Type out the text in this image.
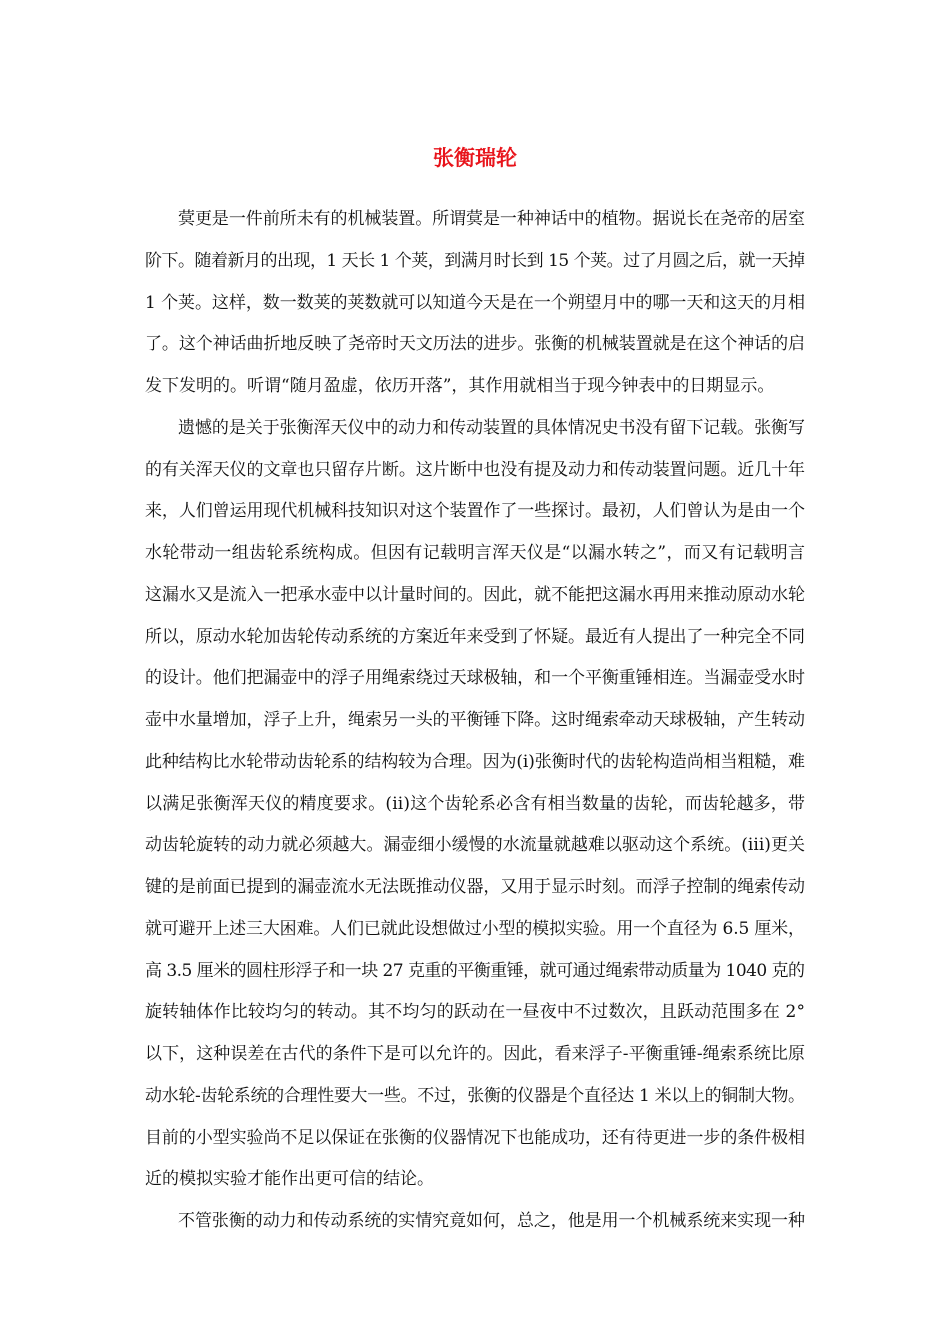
张衡瑞轮
蓂更是一件前所未有的机械装置。所谓蓂是一种神话中的植物。据说长在尧帝的居室
阶下。随着新月的出现，1 天长 1 个荚，到满月时长到 15 个荚。过了月圆之后，就一天掉
1 个荚。这样，数一数荚的荚数就可以知道今天是在一个朔望月中的哪一天和这天的月相
了。这个神话曲折地反映了尧帝时天文历法的进步。张衡的机械装置就是在这个神话的启
发下发明的。听谓“随月盈虚，依历开落”，其作用就相当于现今钟表中的日期显示。
遗憾的是关于张衡浑天仪中的动力和传动装置的具体情况史书没有留下记载。张衡写
的有关浑天仪的文章也只留存片断。这片断中也没有提及动力和传动装置问题。近几十年
来，人们曾运用现代机械科技知识对这个装置作了一些探讨。最初，人们曾认为是由一个
水轮带动一组齿轮系统构成。但因有记载明言浑天仪是“以漏水转之”，而又有记载明言
这漏水又是流入一把承水壶中以计量时间的。因此，就不能把这漏水再用来推动原动水轮
所以，原动水轮加齿轮传动系统的方案近年来受到了怀疑。最近有人提出了一种完全不同
的设计。他们把漏壶中的浮子用绳索绕过天球极轴，和一个平衡重锤相连。当漏壶受水时
壶中水量增加，浮子上升，绳索另一头的平衡锤下降。这时绳索牵动天球极轴，产生转动
此种结构比水轮带动齿轮系的结构较为合理。因为(i)张衡时代的齿轮构造尚相当粗糙，难
以满足张衡浑天仪的精度要求。(ii)这个齿轮系必含有相当数量的齿轮，而齿轮越多，带
动齿轮旋转的动力就必须越大。漏壶细小缓慢的水流量就越难以驱动这个系统。(iii)更关
键的是前面已提到的漏壶流水无法既推动仪器，又用于显示时刻。而浮子控制的绳索传动
就可避开上述三大困难。人们已就此设想做过小型的模拟实验。用一个直径为 6.5 厘米，
高 3.5 厘米的圆柱形浮子和一块 27 克重的平衡重锤，就可通过绳索带动质量为 1040 克的
旋转轴体作比较均匀的转动。其不均匀的跃动在一昼夜中不过数次，且跃动范围多在 2°
以下，这种误差在古代的条件下是可以允许的。因此，看来浮子-平衡重锤-绳索系统比原
动水轮-齿轮系统的合理性要大一些。不过，张衡的仪器是个直径达 1 米以上的铜制大物。
目前的小型实验尚不足以保证在张衡的仪器情况下也能成功，还有待更进一步的条件极相
近的模拟实验才能作出更可信的结论。
不管张衡的动力和传动系统的实情究竟如何，总之，他是用一个机械系统来实现一种
